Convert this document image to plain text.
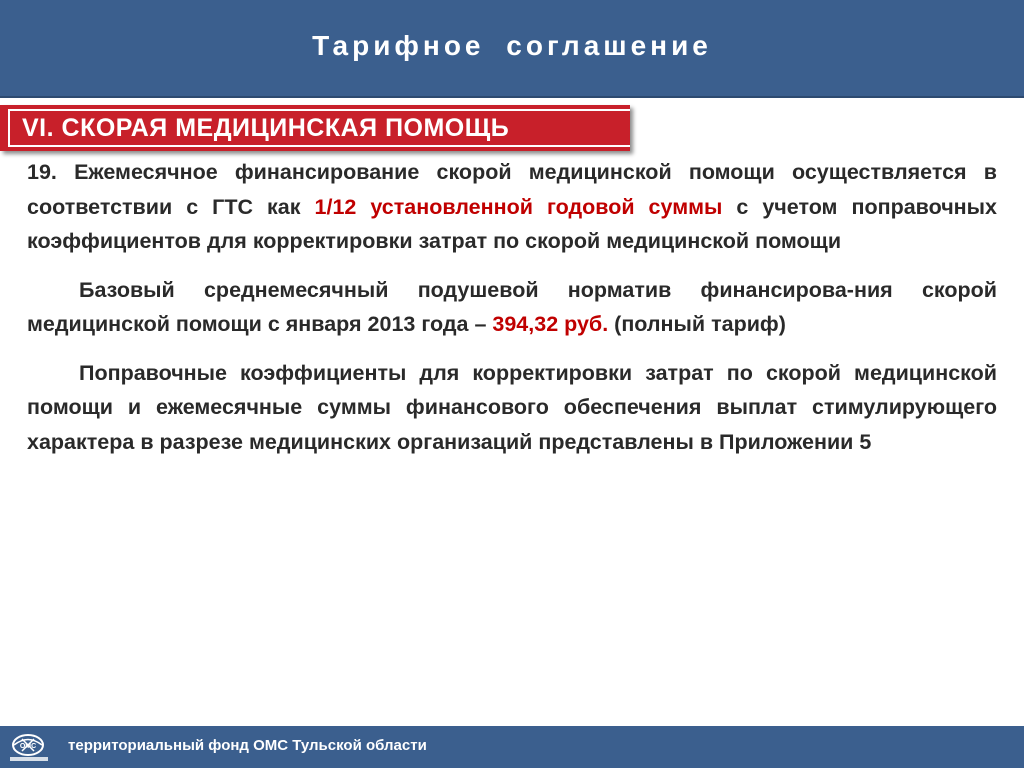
Тарифное соглашение
VI. СКОРАЯ МЕДИЦИНСКАЯ ПОМОЩЬ

19. Ежемесячное финансирование скорой медицинской помощи осуществляется в соответствии с ГТС как 1/12 установленной годовой суммы с учетом поправочных коэффициентов для корректировки затрат по скорой медицинской помощи

Базовый среднемесячный подушевой норматив финансирова-ния скорой медицинской помощи с января 2013 года – 394,32 руб. (полный тариф)

Поправочные коэффициенты для корректировки затрат по скорой медицинской помощи и ежемесячные суммы финансового обеспечения выплат стимулирующего характера в разрезе медицинских организаций представлены в Приложении 5

ОМС территориальный фонд ОМС Тульской области
